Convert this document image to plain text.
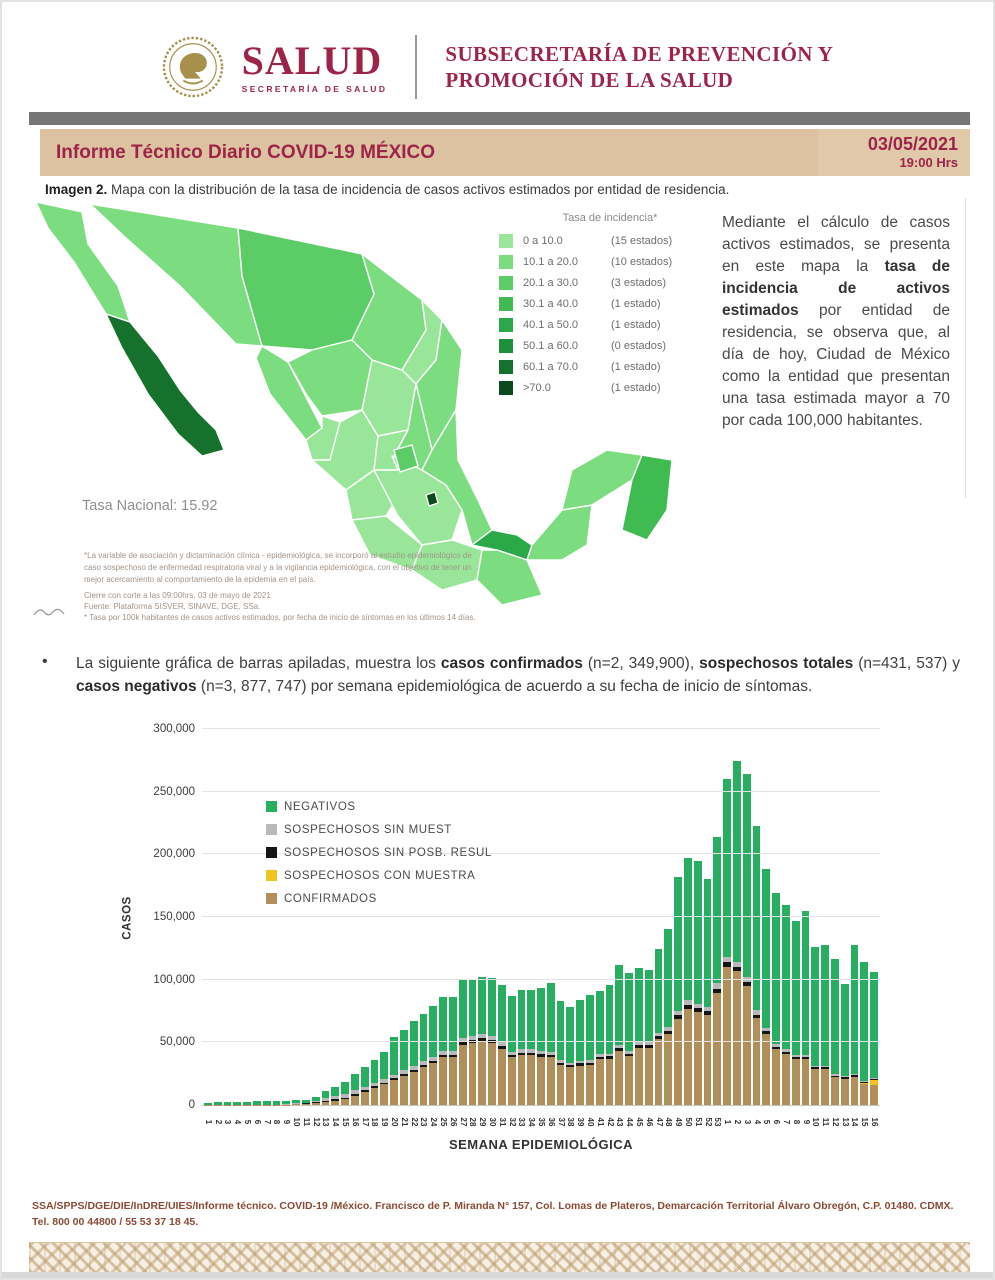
SALUD
SECRETARÍA DE SALUD
SUBSECRETARÍA DE PREVENCIÓN Y
PROMOCIÓN DE LA SALUD
Informe Técnico Diario COVID-19 MÉXICO	03/05/2021
19:00 Hrs
Imagen 2. Mapa con la distribución de la tasa de incidencia de casos activos estimados por entidad de residencia.
Tasa de incidencia*
0 a 10.0	(15 estados)
10.1 a 20.0	(10 estados)
20.1 a 30.0	(3 estados)
30.1 a 40.0	(1 estado)
40.1 a 50.0	(1 estado)
50.1 a 60.0	(0 estados)
60.1 a 70.0	(1 estado)
>70.0	(1 estado)
Mediante el cálculo de casos activos estimados, se presenta en este mapa la tasa de incidencia de activos estimados por entidad de residencia, se observa que, al día de hoy, Ciudad de México como la entidad que presentan una tasa estimada mayor a 70 por cada 100,000 habitantes.
Tasa Nacional: 15.92
*La variable de asociación y dictaminación clínica - epidemiológica, se incorporó al estudio epidemiológico de caso sospechoso de enfermedad respiratoria viral y a la vigilancia epidemiológica, con el objetivo de tener un mejor acercamiento al comportamiento de la epidemia en el país.
Cierre con corte a las 09:00hrs, 03 de mayo de 2021
Fuente: Plataforma SISVER, SINAVE, DGE, SSa.
* Tasa por 100k habitantes de casos activos estimados, por fecha de inicio de síntomas en los últimos 14 días.
•	La siguiente gráfica de barras apiladas, muestra los casos confirmados (n=2, 349,900), sospechosos totales (n=431, 537) y casos negativos (n=3, 877, 747) por semana epidemiológica de acuerdo a su fecha de inicio de síntomas.
CASOS
0
50,000
100,000
150,000
200,000
250,000
300,000
1 2 3 4 5 6 7 8 9 10 11 12 13 14 15 16 17 18 19 20 21 22 23 24 25 26 27 28 29 30 31 32 33 34 35 36 37 38 39 40 41 42 43 44 45 46 47 48 49 50 51 52 53 1 2 3 4 5 6 7 8 9 10 11 12 13 14 15 16
SEMANA EPIDEMIOLÓGICA
NEGATIVOS
SOSPECHOSOS SIN MUEST
SOSPECHOSOS SIN POSB. RESUL
SOSPECHOSOS CON MUESTRA
CONFIRMADOS
SSA/SPPS/DGE/DIE/InDRE/UIES/Informe técnico. COVID-19 /México. Francisco de P. Miranda N° 157, Col. Lomas de Plateros, Demarcación Territorial Álvaro Obregón, C.P. 01480. CDMX.
Tel. 800 00 44800 / 55 53 37 18 45.
